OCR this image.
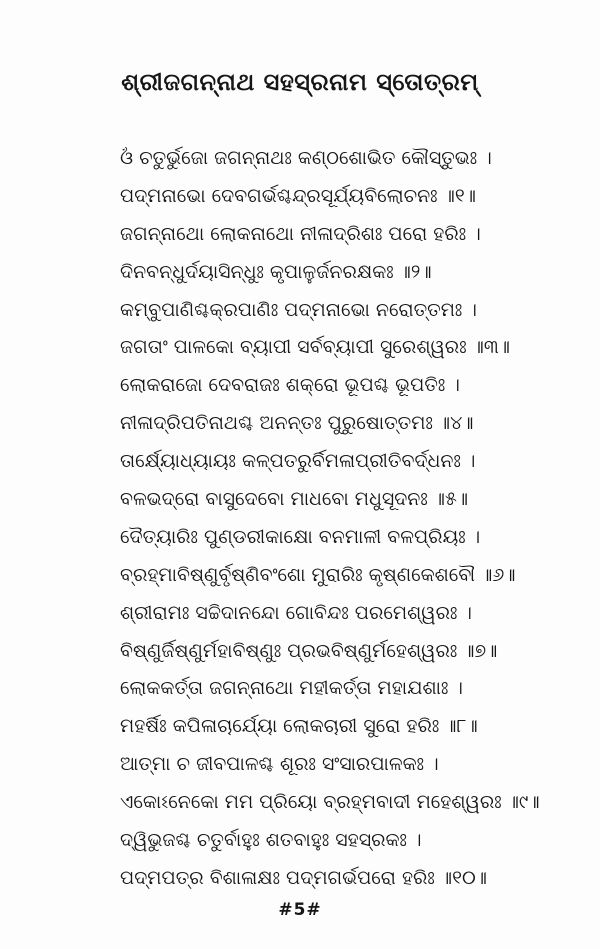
ଶ୍ରୀଜଗନ୍ନାଥ ସହସ୍ରନାମ ସ୍ତୋତ୍ରମ୍
ଓଁ ଚତୁର୍ଭୁଜୋ ଜଗନ୍ନାଥଃ କଣ୍ଠଶୋଭିତ କୌସ୍ତୁଭଃ ।
ପଦ୍ମନାଭୋ ଦେବଗର୍ଭଶ୍ଚନ୍ଦ୍ରସୂର୍ଯ୍ୟବିଲୋଚନଃ ॥୧॥
ଜଗନ୍ନାଥୋ ଲୋକନାଥୋ ନୀଳାଦ୍ରିଶଃ ପରୋ ହରିଃ ।
ଦିନବନ୍ଧୁର୍ଦୟାସିନ୍ଧୁଃ କୃପାଳୁର୍ଜନରକ୍ଷକଃ ॥୨॥
କମ୍ବୁପାଣିଶ୍ଚକ୍ରପାଣିଃ ପଦ୍ମନାଭୋ ନରୋତ୍ତମଃ ।
ଜଗତାଂ ପାଳକୋ ବ୍ୟାପୀ ସର୍ବବ୍ୟାପୀ ସୁରେଶ୍ୱରଃ ॥୩॥
ଲୋକରାଜୋ ଦେବରାଜଃ ଶକ୍ରୋ ଭୂପଶ୍ଚ ଭୂପତିଃ ।
ନୀଳାଦ୍ରିପତିନାଥଶ୍ଚ ଅନନ୍ତଃ ପୁରୁଷୋତ୍ତମଃ ॥୪॥
ତାର୍କ୍ଷ୍ୟୋଧ୍ୟାୟଃ କଳ୍ପତରୁର୍ବିମଳାପ୍ରୀତିବର୍ଦ୍ଧନଃ ।
ବଳଭଦ୍ରୋ ବାସୁଦେବୋ ମାଧବୋ ମଧୁସୂଦନଃ ॥୫॥
ଦୈତ୍ୟାରିଃ ପୁଣ୍ଡରୀକାକ୍ଷୋ ବନମାଳୀ ବଳପ୍ରିୟଃ ।
ବ୍ରହ୍ମାବିଷ୍ଣୁର୍ବୃଷ୍ଣିବଂଶୋ ମୁରାରିଃ କୃଷ୍ଣକେଶବୌ ॥୬॥
ଶ୍ରୀରାମଃ ସଚ୍ଚିଦାନନ୍ଦୋ ଗୋବିନ୍ଦଃ ପରମେଶ୍ୱରଃ ।
ବିଷ୍ଣୁର୍ଜିଷ୍ଣୁର୍ମହାବିଷ୍ଣୁଃ ପ୍ରଭବିଷ୍ଣୁର୍ମହେଶ୍ୱରଃ ॥୭॥
ଲୋକକର୍ତ୍ତା ଜଗନ୍ନାଥୋ ମହୀକର୍ତ୍ତା ମହାଯଶାଃ ।
ମହର୍ଷିଃ କପିଳାଚାର୍ଯ୍ୟୋ ଲୋକଚାରୀ ସୁରୋ ହରିଃ ॥୮॥
ଆତ୍ମା ଚ ଜୀବପାଳଶ୍ଚ ଶୂରଃ ସଂସାରପାଳକଃ ।
ଏକୋଽନେକୋ ମମ ପ୍ରିୟୋ ବ୍ରହ୍ମବାଦୀ ମହେଶ୍ୱରଃ ॥୯॥
ଦ୍ୱିଭୁଜଶ୍ଚ ଚତୁର୍ବାହୁଃ ଶତବାହୁଃ ସହସ୍ରକଃ ।
ପଦ୍ମପତ୍ର ବିଶାଳାକ୍ଷଃ ପଦ୍ମଗର୍ଭପରୋ ହରିଃ ॥୧୦॥
#5#
